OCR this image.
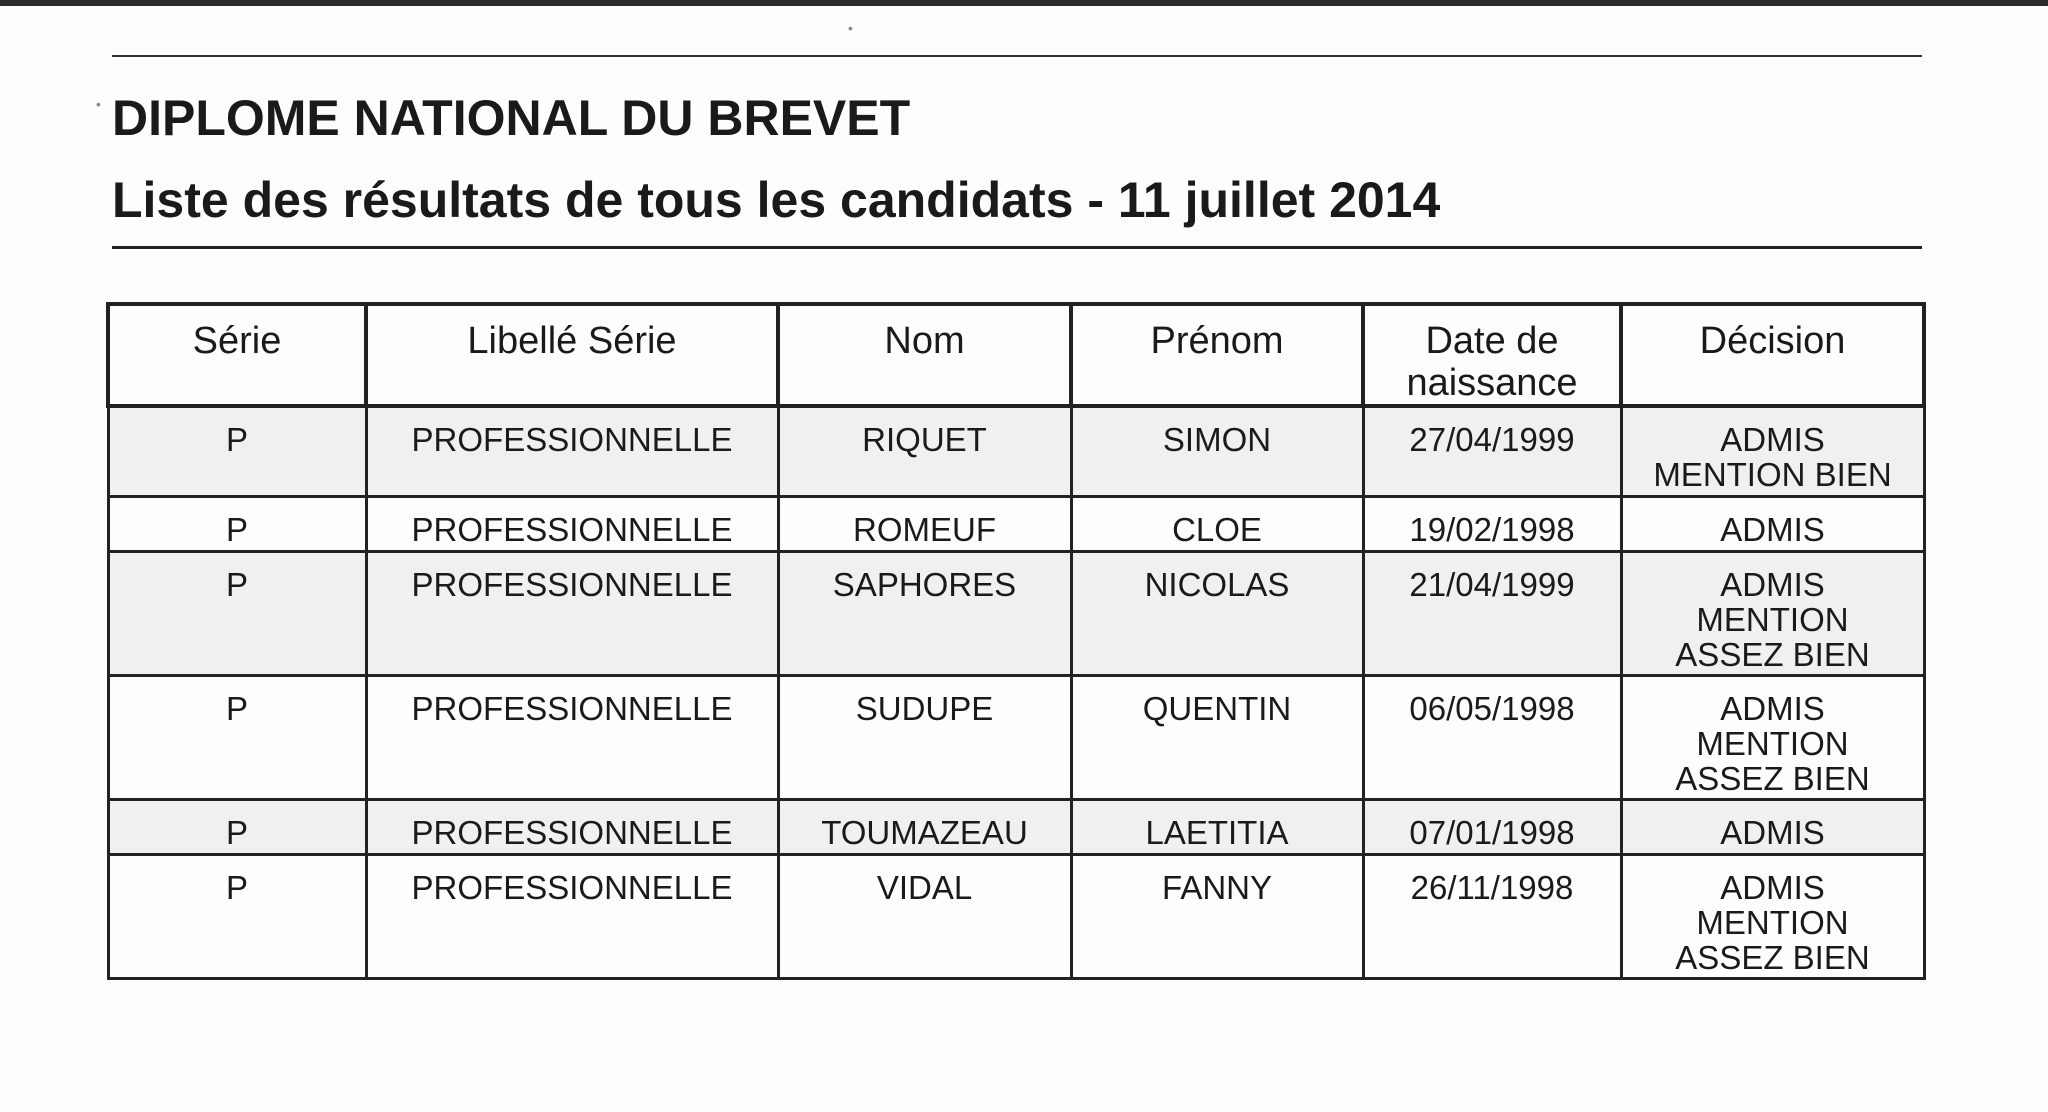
DIPLOME NATIONAL DU BREVET
Liste des résultats de tous les candidats - 11 juillet 2014
Série	Libellé Série	Nom	Prénom	Date de naissance	Décision
P	PROFESSIONNELLE	RIQUET	SIMON	27/04/1999	ADMIS
MENTION BIEN

P	PROFESSIONNELLE	ROMEUF	CLOE	19/02/1998	ADMIS

P	PROFESSIONNELLE	SAPHORES	NICOLAS	21/04/1999	ADMIS
MENTION
ASSEZ BIEN

P	PROFESSIONNELLE	SUDUPE	QUENTIN	06/05/1998	ADMIS
MENTION
ASSEZ BIEN

P	PROFESSIONNELLE	TOUMAZEAU	LAETITIA	07/01/1998	ADMIS

P	PROFESSIONNELLE	VIDAL	FANNY	26/11/1998	ADMIS
MENTION
ASSEZ BIEN
•
•
